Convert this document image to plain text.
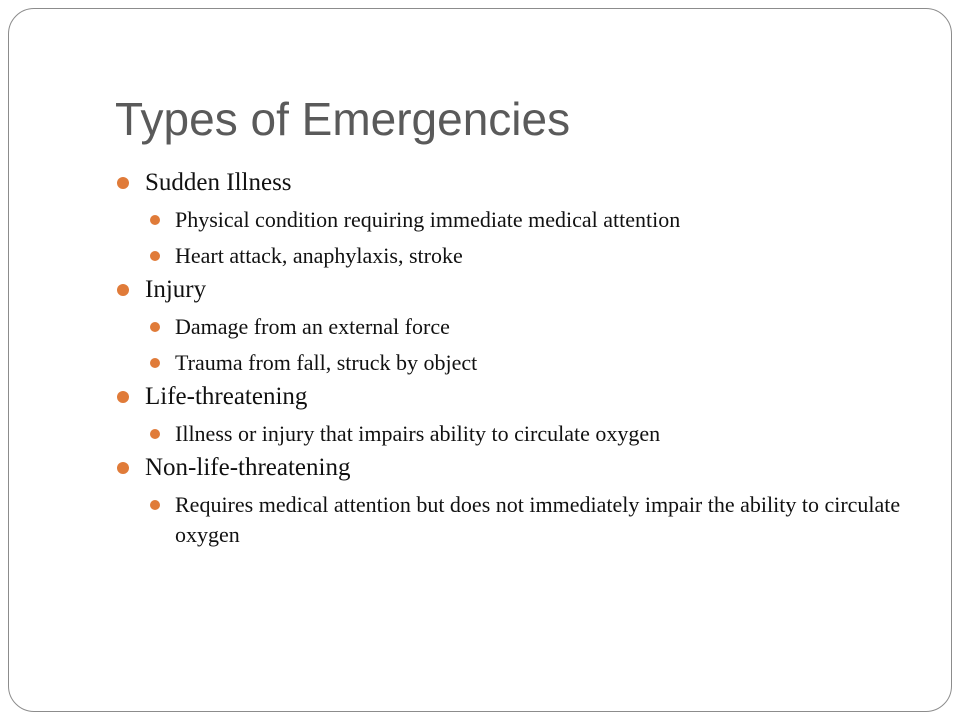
Types of Emergencies
Sudden Illness
Physical condition requiring immediate medical attention
Heart attack, anaphylaxis, stroke
Injury
Damage from an external force
Trauma from fall, struck by object
Life-threatening
Illness or injury that impairs ability to circulate oxygen
Non-life-threatening
Requires medical attention but does not immediately impair the ability to circulate oxygen
